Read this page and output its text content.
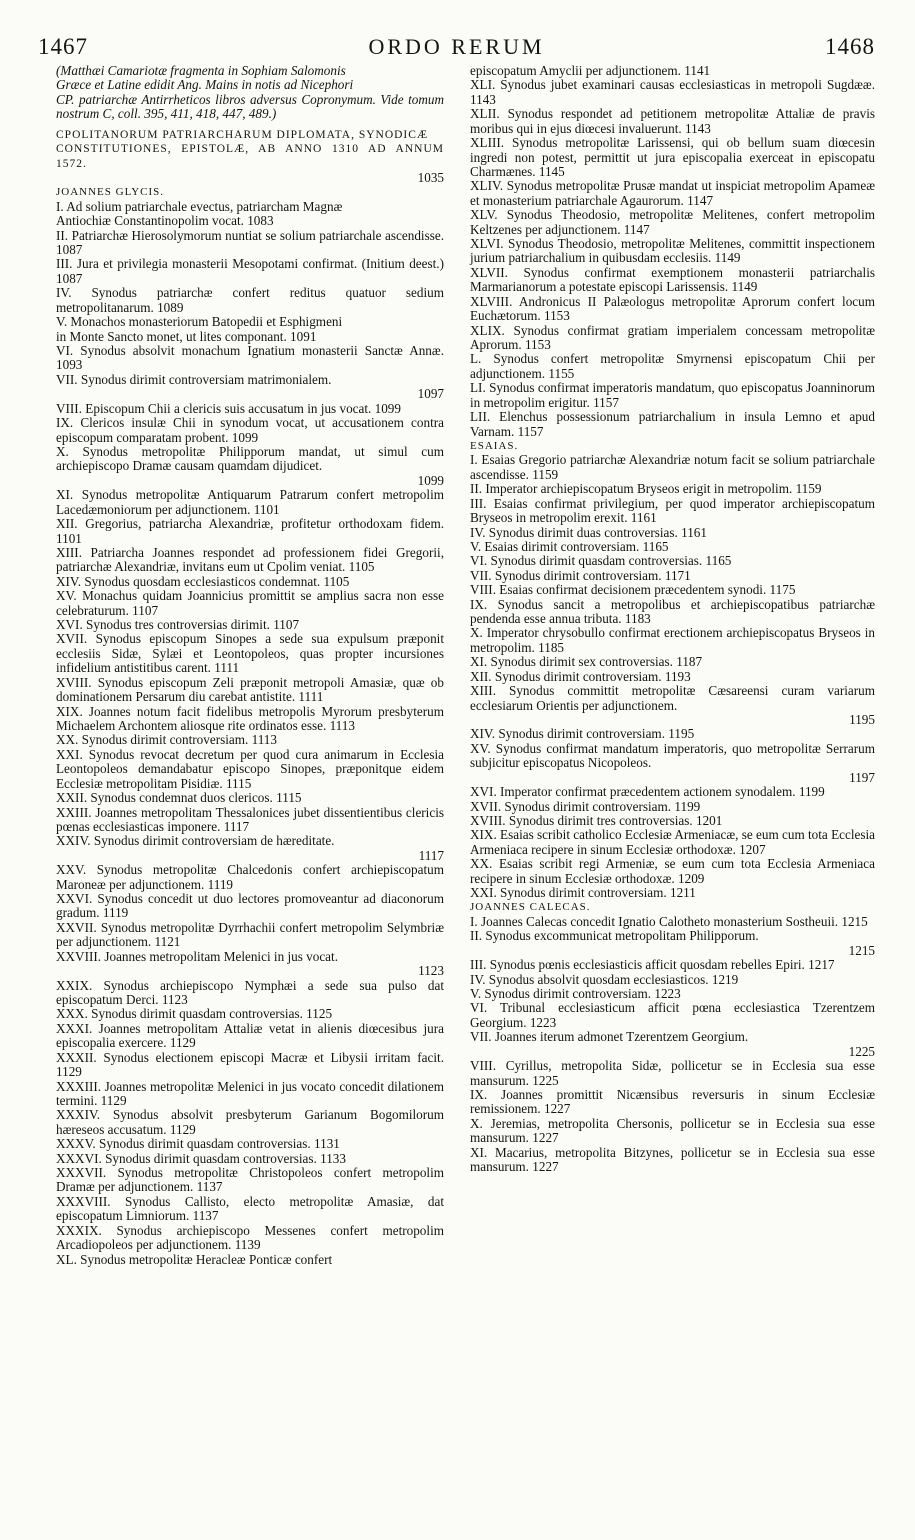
1467	ORDO RERUM	1468

(Matthæi Camariotæ fragmenta in Sophiam Salomonis

Græce et Latine edidit Ang. Mains in notis ad Nicephori

CP. patriarchæ Antirrheticos libros adversus Copronymum. Vide tomum nostrum C, coll. 395, 411, 418, 447, 489.)

CPOLITANORUM PATRIARCHARUM DIPLOMATA, SYNODICÆ

CONSTITUTIONES, EPISTOLÆ, AB ANNO 1310 AD ANNUM 1572.

1035

JOANNES GLYCIS.

I. Ad solium patriarchale evectus, patriarcham Magnæ

Antiochiæ Constantinopolim vocat. 1083

II. Patriarchæ Hierosolymorum nuntiat se solium patriarchale ascendisse. 1087

III. Jura et privilegia monasterii Mesopotami confirmat. (Initium deest.) 1087

IV. Synodus patriarchæ confert reditus quatuor sedium metropolitanarum. 1089

V. Monachos monasteriorum Batopedii et Esphigmeni

in Monte Sancto monet, ut lites componant. 1091

VI. Synodus absolvit monachum Ignatium monasterii Sanctæ Annæ. 1093

VII. Synodus dirimit controversiam matrimonialem.

1097

VIII. Episcopum Chii a clericis suis accusatum in jus vocat. 1099

IX. Clericos insulæ Chii in synodum vocat, ut accusationem contra episcopum comparatam probent. 1099

X. Synodus metropolitæ Philipporum mandat, ut simul cum archiepiscopo Dramæ causam quamdam dijudicet.

1099

XI. Synodus metropolitæ Antiquarum Patrarum confert metropolim Lacedæmoniorum per adjunctionem. 1101

XII. Gregorius, patriarcha Alexandriæ, profitetur orthodoxam fidem. 1101

XIII. Patriarcha Joannes respondet ad professionem fidei Gregorii, patriarchæ Alexandriæ, invitans eum ut Cpolim veniat. 1105

XIV. Synodus quosdam ecclesiasticos condemnat. 1105

XV. Monachus quidam Joannicius promittit se amplius sacra non esse celebraturum. 1107

XVI. Synodus tres controversias dirimit. 1107

XVII. Synodus episcopum Sinopes a sede sua expulsum præponit ecclesiis Sidæ, Sylæi et Leontopoleos, quas propter incursiones infidelium antistitibus carent. 1111

XVIII. Synodus episcopum Zeli præponit metropoli Amasiæ, quæ ob dominationem Persarum diu carebat antistite. 1111

XIX. Joannes notum facit fidelibus metropolis Myrorum presbyterum Michaelem Archontem aliosque rite ordinatos esse. 1113

XX. Synodus dirimit controversiam. 1113

XXI. Synodus revocat decretum per quod cura animarum in Ecclesia Leontopoleos demandabatur episcopo Sinopes, præponitque eidem Ecclesiæ metropolitam Pisidiæ. 1115

XXII. Synodus condemnat duos clericos. 1115

XXIII. Joannes metropolitam Thessalonices jubet dissentientibus clericis pœnas ecclesiasticas imponere. 1117

XXIV. Synodus dirimit controversiam de hæreditate.

1117

XXV. Synodus metropolitæ Chalcedonis confert archiepiscopatum Maroneæ per adjunctionem. 1119

XXVI. Synodus concedit ut duo lectores promoveantur ad diaconorum gradum. 1119

XXVII. Synodus metropolitæ Dyrrhachii confert metropolim Selymbriæ per adjunctionem. 1121

XXVIII. Joannes metropolitam Melenici in jus vocat.

1123

XXIX. Synodus archiepiscopo Nymphæi a sede sua pulso dat episcopatum Derci. 1123

XXX. Synodus dirimit quasdam controversias. 1125

XXXI. Joannes metropolitam Attaliæ vetat in alienis diœcesibus jura episcopalia exercere. 1129

XXXII. Synodus electionem episcopi Macræ et Libysii irritam facit. 1129

XXXIII. Joannes metropolitæ Melenici in jus vocato concedit dilationem termini. 1129

XXXIV. Synodus absolvit presbyterum Garianum Bogomilorum hæreseos accusatum. 1129

XXXV. Synodus dirimit quasdam controversias. 1131

XXXVI. Synodus dirimit quasdam controversias. 1133

XXXVII. Synodus metropolitæ Christopoleos confert metropolim Dramæ per adjunctionem. 1137

XXXVIII. Synodus Callisto, electo metropolitæ Amasiæ, dat episcopatum Limniorum. 1137

XXXIX. Synodus archiepiscopo Messenes confert metropolim Arcadiopoleos per adjunctionem. 1139

XL. Synodus metropolitæ Heracleæ Ponticæ confert

episcopatum Amyclii per adjunctionem. 1141

XLI. Synodus jubet examinari causas ecclesiasticas in metropoli Sugdææ. 1143

XLII. Synodus respondet ad petitionem metropolitæ Attaliæ de pravis moribus qui in ejus diœcesi invaluerunt. 1143

XLIII. Synodus metropolitæ Larissensi, qui ob bellum suam diœcesin ingredi non potest, permittit ut jura episcopalia exerceat in episcopatu Charmænes. 1145

XLIV. Synodus metropolitæ Prusæ mandat ut inspiciat metropolim Apameæ et monasterium patriarchale Agaurorum. 1147

XLV. Synodus Theodosio, metropolitæ Melitenes, confert metropolim Keltzenes per adjunctionem. 1147

XLVI. Synodus Theodosio, metropolitæ Melitenes, committit inspectionem jurium patriarchalium in quibusdam ecclesiis. 1149

XLVII. Synodus confirmat exemptionem monasterii patriarchalis Marmarianorum a potestate episcopi Larissensis. 1149

XLVIII. Andronicus II Palæologus metropolitæ Aprorum confert locum Euchætorum. 1153

XLIX. Synodus confirmat gratiam imperialem concessam metropolitæ Aprorum. 1153

L. Synodus confert metropolitæ Smyrnensi episcopatum Chii per adjunctionem. 1155

LI. Synodus confirmat imperatoris mandatum, quo episcopatus Joanninorum in metropolim erigitur. 1157

LII. Elenchus possessionum patriarchalium in insula Lemno et apud Varnam. 1157

ESAIAS.

I. Esaias Gregorio patriarchæ Alexandriæ notum facit se solium patriarchale ascendisse. 1159

II. Imperator archiepiscopatum Bryseos erigit in metropolim. 1159

III. Esaias confirmat privilegium, per quod imperator archiepiscopatum Bryseos in metropolim erexit. 1161

IV. Synodus dirimit duas controversias. 1161

V. Esaias dirimit controversiam. 1165

VI. Synodus dirimit quasdam controversias. 1165

VII. Synodus dirimit controversiam. 1171

VIII. Esaias confirmat decisionem præcedentem synodi. 1175

IX. Synodus sancit a metropolibus et archiepiscopatibus patriarchæ pendenda esse annua tributa. 1183

X. Imperator chrysobullo confirmat erectionem archiepiscopatus Bryseos in metropolim. 1185

XI. Synodus dirimit sex controversias. 1187

XII. Synodus dirimit controversiam. 1193

XIII. Synodus committit metropolitæ Cæsareensi curam variarum ecclesiarum Orientis per adjunctionem.

1195

XIV. Synodus dirimit controversiam. 1195

XV. Synodus confirmat mandatum imperatoris, quo metropolitæ Serrarum subjicitur episcopatus Nicopoleos.

1197

XVI. Imperator confirmat præcedentem actionem synodalem. 1199

XVII. Synodus dirimit controversiam. 1199

XVIII. Synodus dirimit tres controversias. 1201

XIX. Esaias scribit catholico Ecclesiæ Armeniacæ, se eum cum tota Ecclesia Armeniaca recipere in sinum Ecclesiæ orthodoxæ. 1207

XX. Esaias scribit regi Armeniæ, se eum cum tota Ecclesia Armeniaca recipere in sinum Ecclesiæ orthodoxæ. 1209

XXI. Synodus dirimit controversiam. 1211

JOANNES CALECAS.

I. Joannes Calecas concedit Ignatio Calotheto monasterium Sostheuii. 1215

II. Synodus excommunicat metropolitam Philipporum.

1215

III. Synodus pœnis ecclesiasticis afficit quosdam rebelles Epiri. 1217

IV. Synodus absolvit quosdam ecclesiasticos. 1219

V. Synodus dirimit controversiam. 1223

VI. Tribunal ecclesiasticum afficit pœna ecclesiastica Tzerentzem Georgium. 1223

VII. Joannes iterum admonet Tzerentzem Georgium.

1225

VIII. Cyrillus, metropolita Sidæ, pollicetur se in Ecclesia sua esse mansurum. 1225

IX. Joannes promittit Nicænsibus reversuris in sinum Ecclesiæ remissionem. 1227

X. Jeremias, metropolita Chersonis, pollicetur se in Ecclesia sua esse mansurum. 1227

XI. Macarius, metropolita Bitzynes, pollicetur se in Ecclesia sua esse mansurum. 1227
